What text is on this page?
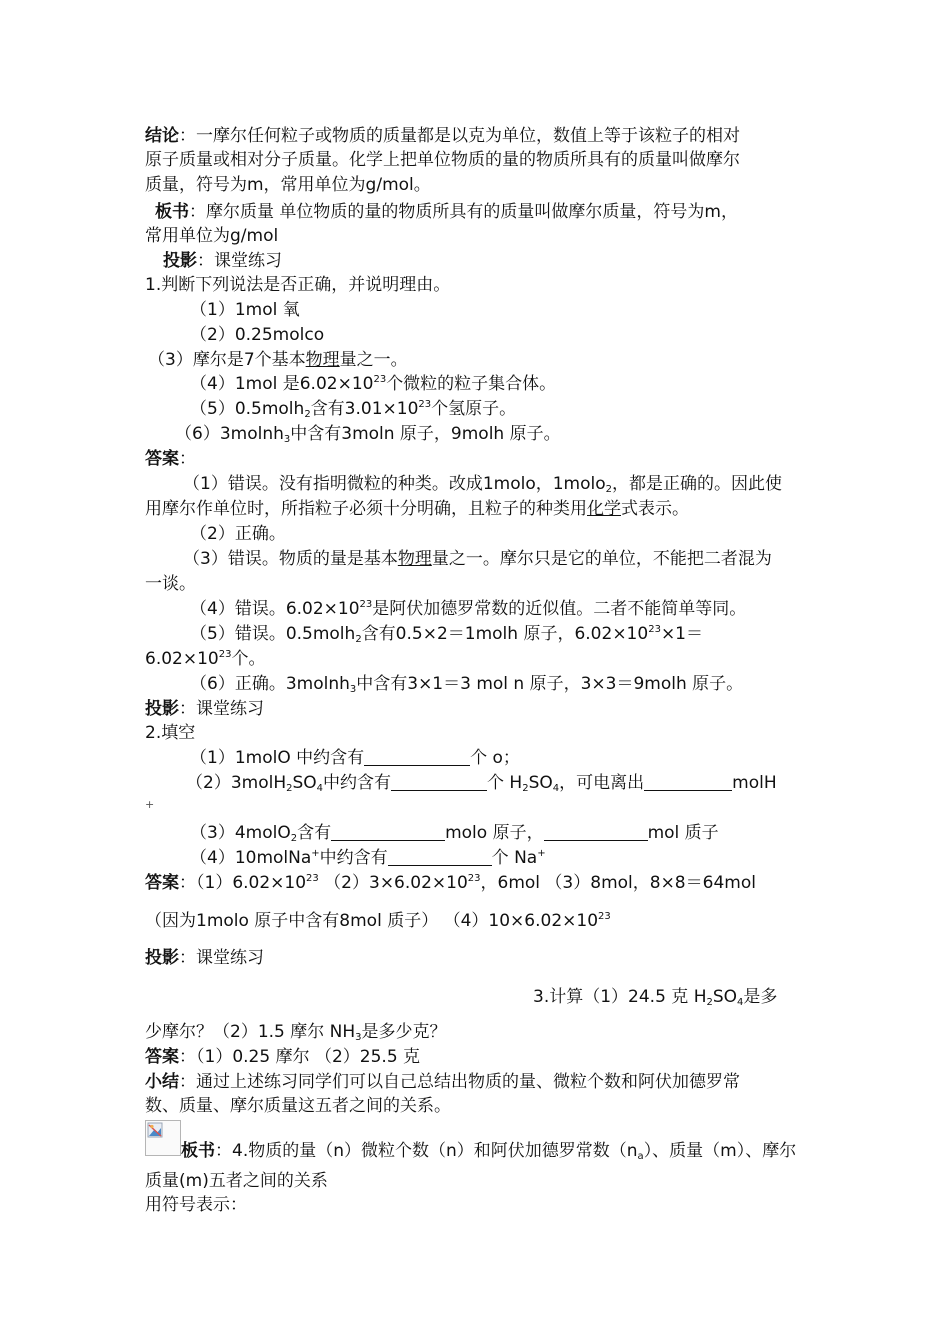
结论：一摩尔任何粒子或物质的质量都是以克为单位，数值上等于该粒子的相对
原子质量或相对分子质量。化学上把单位物质的量的物质所具有的质量叫做摩尔
质量，符号为m，常用单位为g/mol。
板书：摩尔质量 单位物质的量的物质所具有的质量叫做摩尔质量，符号为m，
常用单位为g/mol
投影：课堂练习
1.判断下列说法是否正确，并说明理由。
（1）1mol 氧
（2）0.25molco
（3）摩尔是7个基本物理量之一。
（4）1mol 是$6.02\times 10^{23}$个微粒的粒子集合体。
（5）0.5molh$_2$含有$3.01\times 10^{23}$个氢原子。
（6）3molnh$_3$中含有3moln 原子，9molh 原子。
答案：
（1）错误。没有指明微粒的种类。改成1molo，1molo$_2$，都是正确的。因此使
用摩尔作单位时，所指粒子必须十分明确，且粒子的种类用化学式表示。
（2）正确。
（3）错误。物质的量是基本物理量之一。摩尔只是它的单位，不能把二者混为
一谈。
（4）错误。$6.02\times 10^{23}$是阿伏加德罗常数的近似值。二者不能简单等同。
（5）错误。0.5molh$_2$含有0.5×2＝1molh 原子，$6.02\times 10^{23}\times 1=$
$6.02\times 10^{23}$个。
（6）正确。3molnh$_3$中含有3×1＝3 mol n 原子，3×3＝9molh 原子。
投影：课堂练习
2.填空
（1）1molO 中约含有	个 o；
$(2)3molH_2SO_4$中约含有	个 $H_2SO_4$，可电离出	molH
+
（3）4molO$_2$含有	molo 原子，	mol 质子
（4）10molNa+中约含有	个 Na+
答案：$(1)6.02\times 10^{23}$ $(2)3\times 6.02\times 10^{23}$，6mol （3）8mol，8×8＝64mol
（因为1molo 原子中含有8mol 质子） $(4)10\times 6.02\times 10^{23}$
投影：课堂练习
3.计算（1）24.5 克 $H_2SO_4$是多
少摩尔？（2）1.5 摩尔 $NH_3$是多少克？
答案：（1）0.25 摩尔 （2）25.5 克
小结：通过上述练习同学们可以自己总结出物质的量、微粒个数和阿伏加德罗常
数、质量、摩尔质量这五者之间的关系。
板书：4.物质的量（n）微粒个数（n）和阿伏加德罗常数$(n_a)$、质量（m）、摩尔
质量(m)五者之间的关系
用符号表示：
